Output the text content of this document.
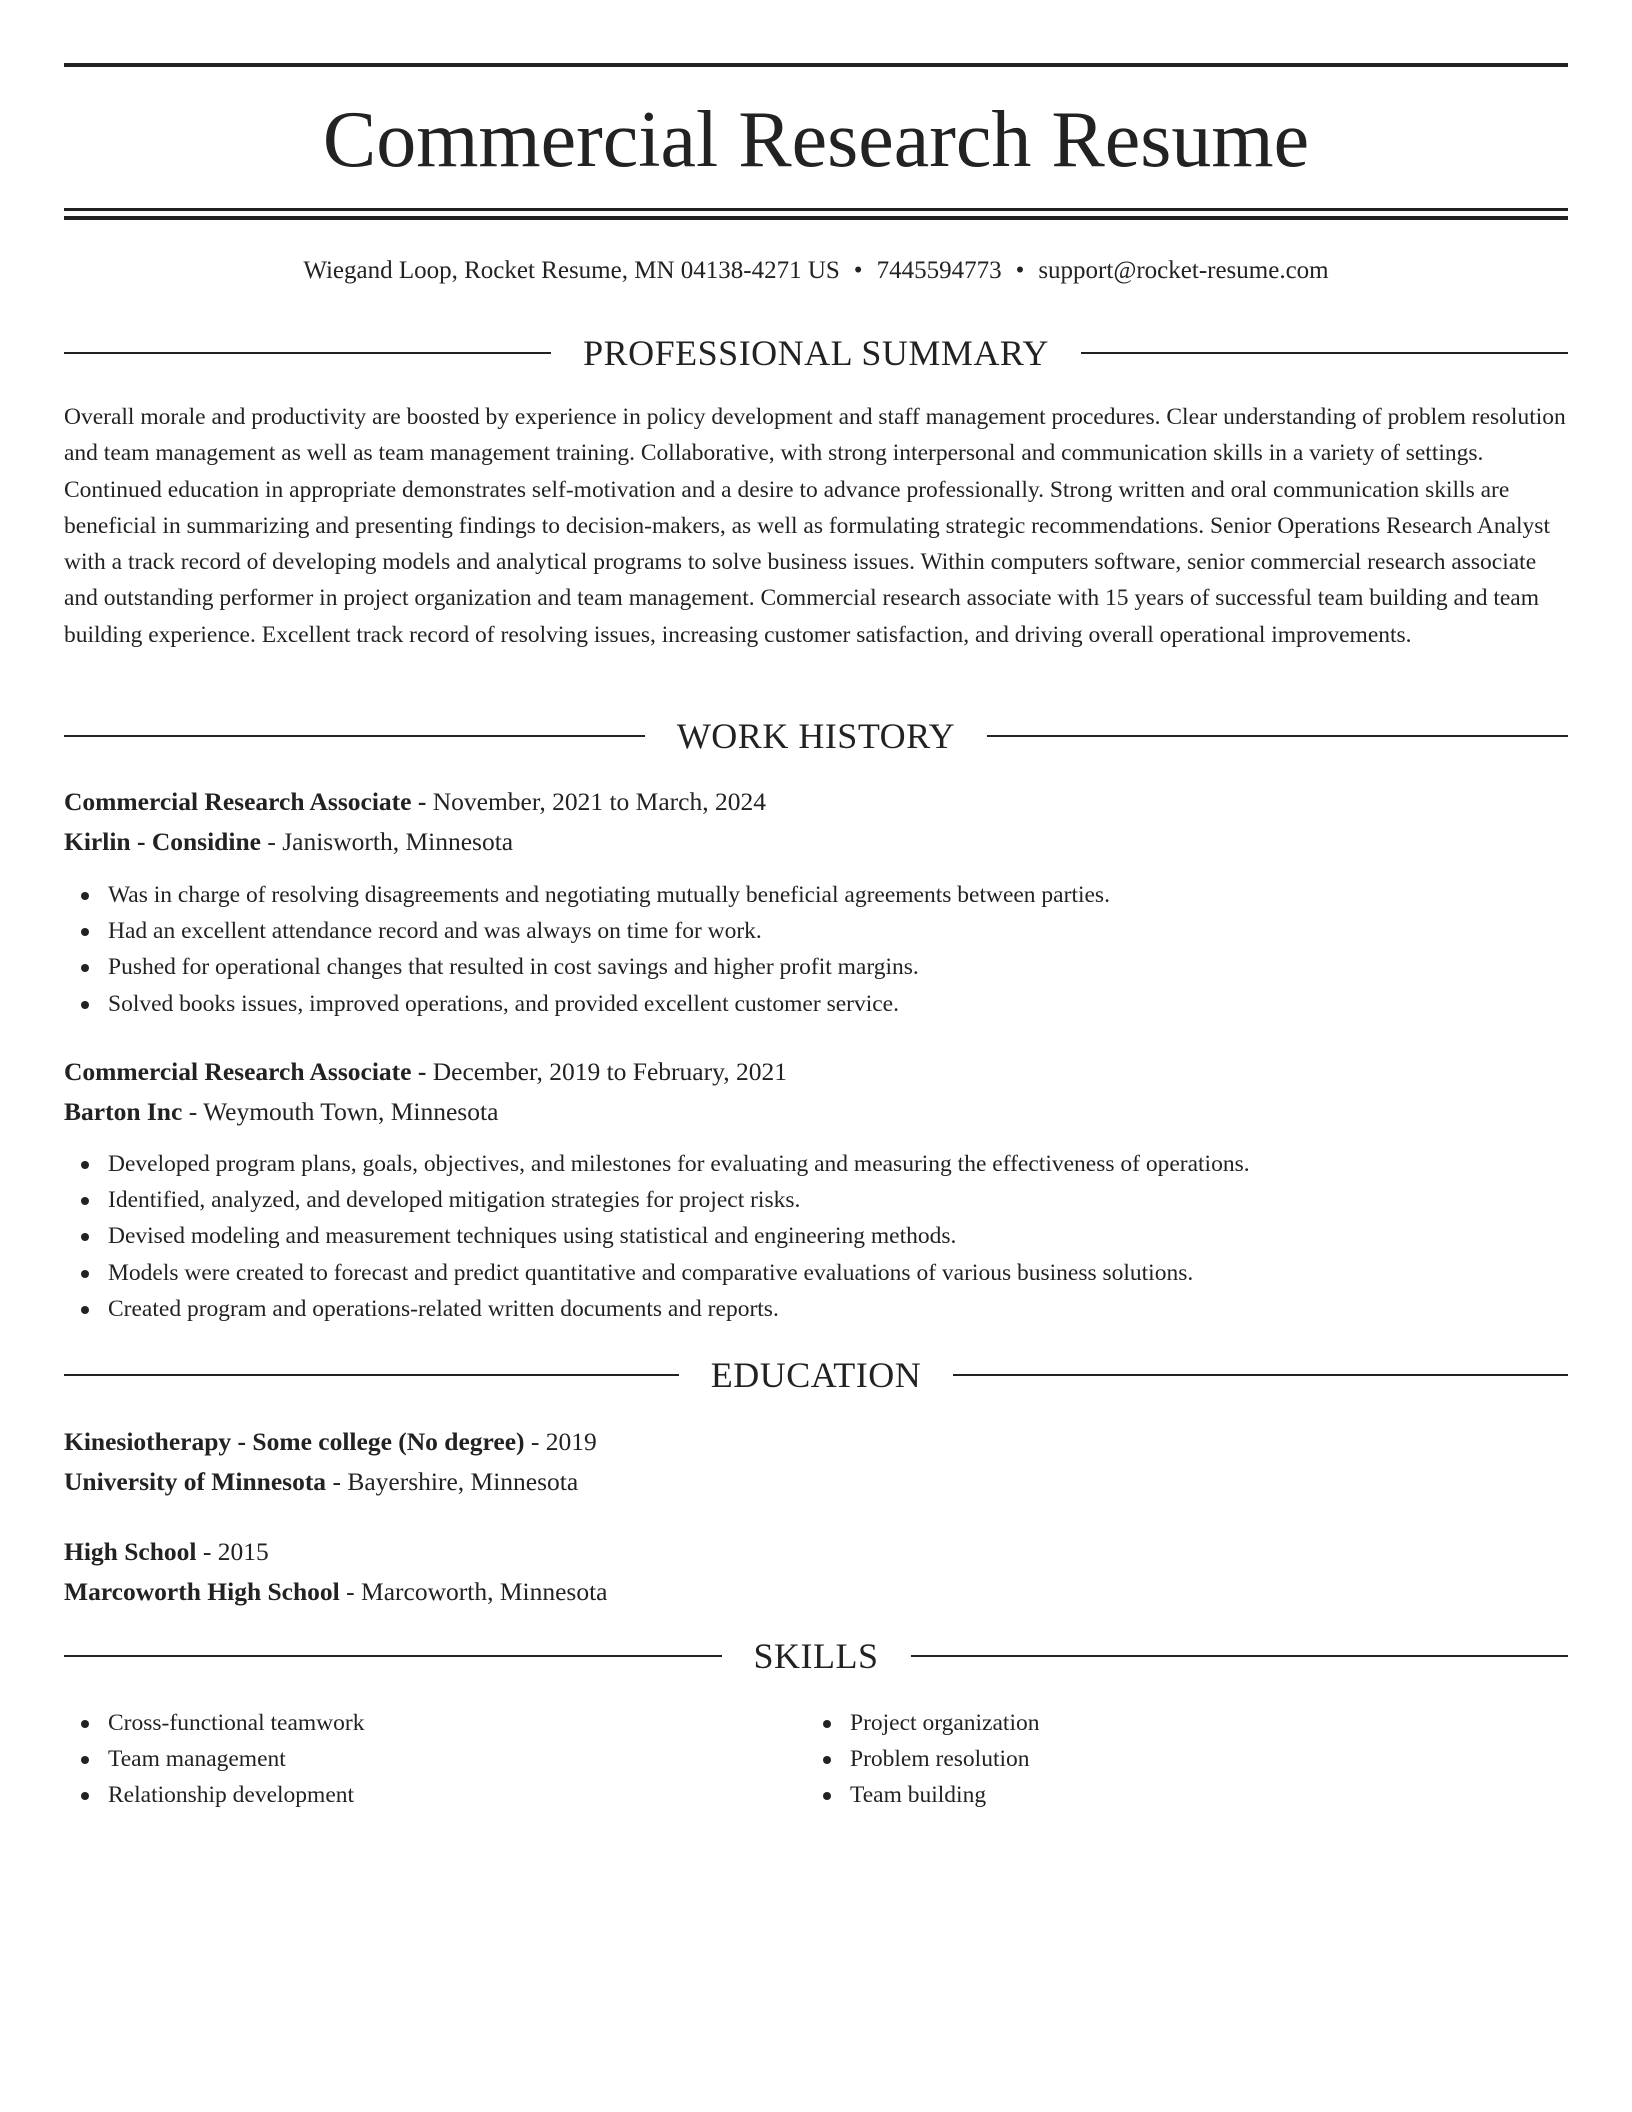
Commercial Research Resume
Wiegand Loop, Rocket Resume, MN 04138-4271 US • 7445594773 • support@rocket-resume.com
PROFESSIONAL SUMMARY

Overall morale and productivity are boosted by experience in policy development and staff management procedures. Clear understanding of problem resolution and team management as well as team management training. Collaborative, with strong interpersonal and communication skills in a variety of settings. Continued education in appropriate demonstrates self-motivation and a desire to advance professionally. Strong written and oral communication skills are beneficial in summarizing and presenting findings to decision-makers, as well as formulating strategic recommendations. Senior Operations Research Analyst with a track record of developing models and analytical programs to solve business issues. Within computers software, senior commercial research associate and outstanding performer in project organization and team management. Commercial research associate with 15 years of successful team building and team building experience. Excellent track record of resolving issues, increasing customer satisfaction, and driving overall operational improvements.

WORK HISTORY
Commercial Research Associate - November, 2021 to March, 2024
Kirlin - Considine - Janisworth, Minnesota
Was in charge of resolving disagreements and negotiating mutually beneficial agreements between parties.
Had an excellent attendance record and was always on time for work.
Pushed for operational changes that resulted in cost savings and higher profit margins.
Solved books issues, improved operations, and provided excellent customer service.
Commercial Research Associate - December, 2019 to February, 2021
Barton Inc - Weymouth Town, Minnesota
Developed program plans, goals, objectives, and milestones for evaluating and measuring the effectiveness of operations.
Identified, analyzed, and developed mitigation strategies for project risks.
Devised modeling and measurement techniques using statistical and engineering methods.
Models were created to forecast and predict quantitative and comparative evaluations of various business solutions.
Created program and operations-related written documents and reports.
EDUCATION
Kinesiotherapy - Some college (No degree) - 2019
University of Minnesota - Bayershire, Minnesota
High School - 2015
Marcoworth High School - Marcoworth, Minnesota
SKILLS
Cross-functional teamwork
Team management
Relationship development
Project organization
Problem resolution
Team building
